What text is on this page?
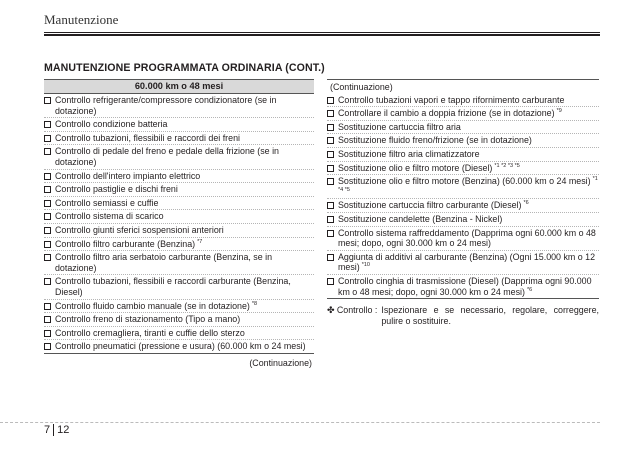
Manutenzione
MANUTENZIONE PROGRAMMATA ORDINARIA (CONT.)
60.000 km o 48 mesi
Controllo refrigerante/compressore condizionatore (se in dotazione)
Controllo condizione batteria
Controllo tubazioni, flessibili e raccordi dei freni
Controllo di pedale del freno e pedale della frizione (se in dotazione)
Controllo dell'intero impianto elettrico
Controllo pastiglie e dischi freni
Controllo semiassi e cuffie
Controllo sistema di scarico
Controllo giunti sferici sospensioni anteriori
Controllo filtro carburante (Benzina) $^{*7}$
Controllo filtro aria serbatoio carburante (Benzina, se in dotazione)
Controllo tubazioni, flessibili e raccordi carburante (Benzina, Diesel)
Controllo fluido cambio manuale (se in dotazione) $^{*8}$
Controllo freno di stazionamento (Tipo a mano)
Controllo cremagliera, tiranti e cuffie dello sterzo
Controllo pneumatici (pressione e usura) (60.000 km o 24 mesi)
(Continuazione)
(Continuazione)
Controllo tubazioni vapori e tappo rifornimento carburante
Controllare il cambio a doppia frizione (se in dotazione) $^{*9}$
Sostituzione cartuccia filtro aria
Sostituzione fluido freno/frizione (se in dotazione)
Sostituzione filtro aria climatizzatore
Sostituzione olio e filtro motore (Diesel) $^{*1 *2 *3 *5}$
Sostituzione olio e filtro motore (Benzina) (60.000 km o 24 mesi) $^{*1 *4 *5}$
Sostituzione cartuccia filtro carburante (Diesel) $^{*6}$
Sostituzione candelette (Benzina - Nickel)
Controllo sistema raffreddamento (Dapprima ogni 60.000 km o 48 mesi; dopo, ogni 30.000 km o 24 mesi)
Aggiunta di additivi al carburante (Benzina) (Ogni 15.000 km o 12 mesi) $^{*10}$
Controllo cinghia di trasmissione (Diesel) (Dapprima ogni 90.000 km o 48 mesi; dopo, ogni 30.000 km o 24 mesi) $^{*6}$
✤ Controllo : Ispezionare e se necessario, regolare, correggere, pulire o sostituire.
7 12
